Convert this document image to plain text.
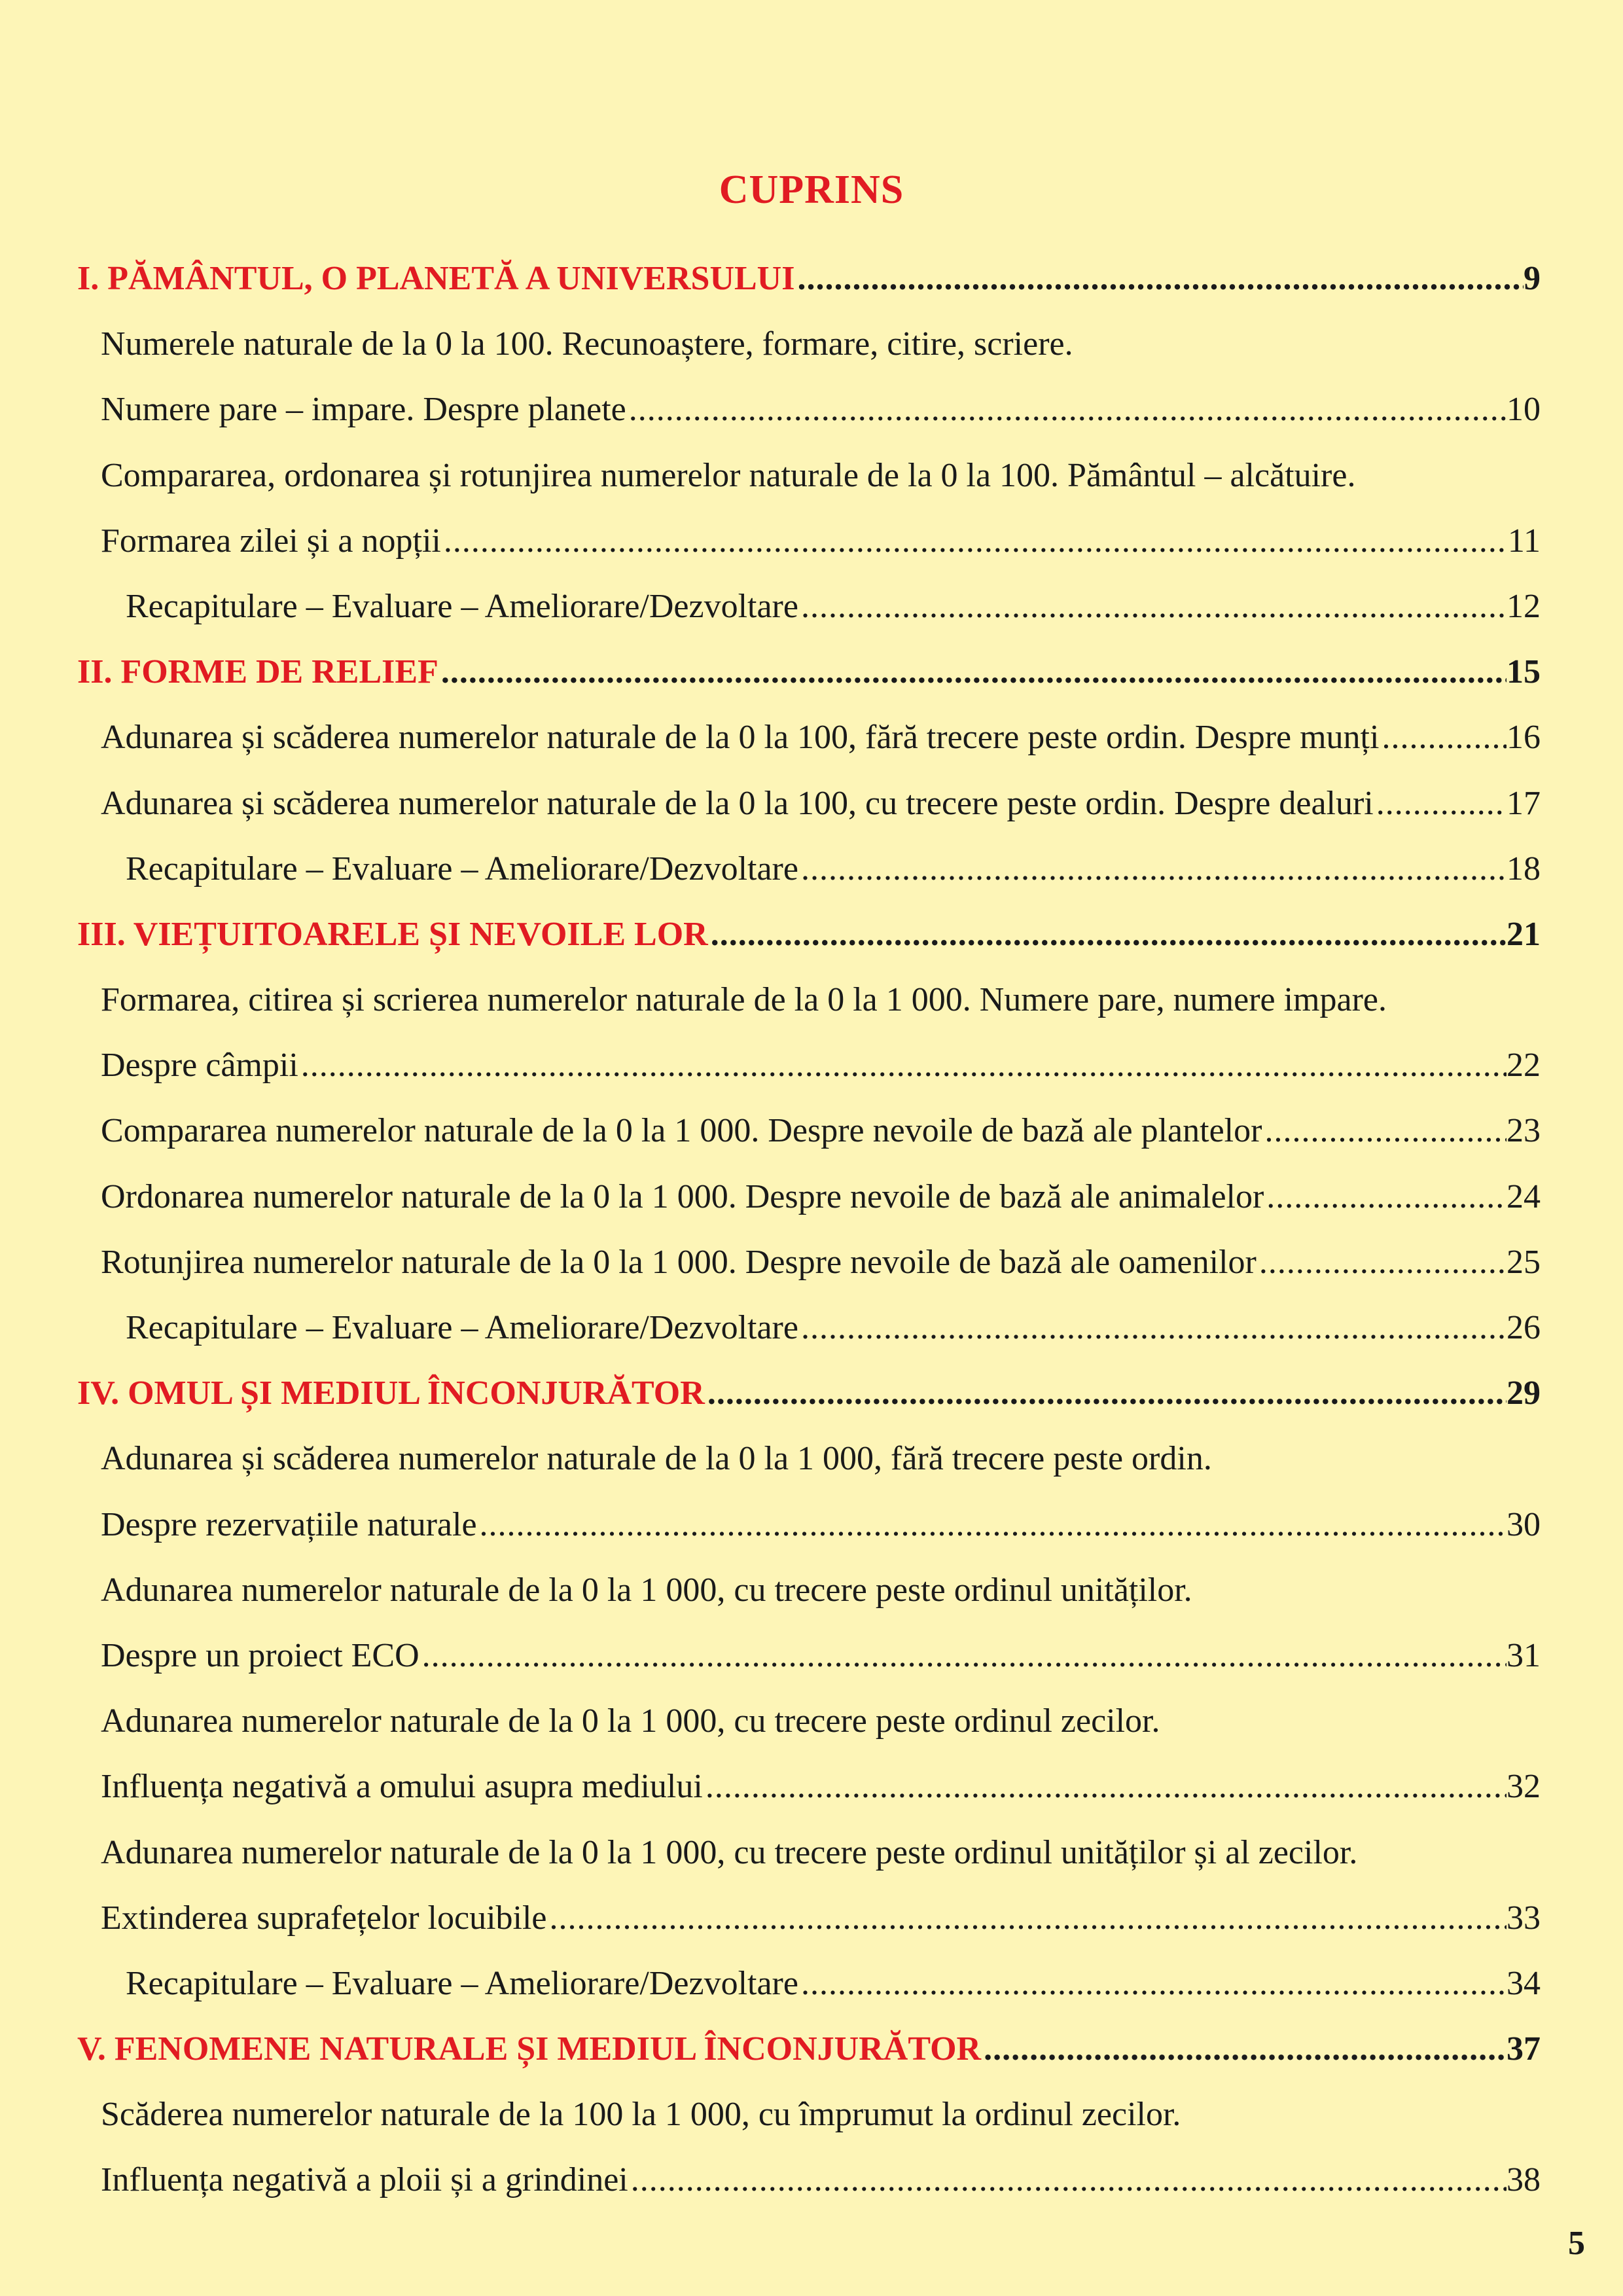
CUPRINS
I. PĂMÂNTUL, O PLANETĂ A UNIVERSULUI .....	9
Numerele naturale de la 0 la 100. Recunoaștere, formare, citire, scriere.
Numere pare – impare. Despre planete .....	10
Compararea, ordonarea și rotunjirea numerelor naturale de la 0 la 100. Pământul – alcătuire.
Formarea zilei și a nopții .....	11
Recapitulare – Evaluare – Ameliorare/Dezvoltare .....	12
II. FORME DE RELIEF .....	15
Adunarea și scăderea numerelor naturale de la 0 la 100, fără trecere peste ordin. Despre munți .....	16
Adunarea și scăderea numerelor naturale de la 0 la 100, cu trecere peste ordin. Despre dealuri .....	17
Recapitulare – Evaluare – Ameliorare/Dezvoltare .....	18
III. VIEȚUITOARELE ȘI NEVOILE LOR .....	21
Formarea, citirea și scrierea numerelor naturale de la 0 la 1 000. Numere pare, numere impare.
Despre câmpii .....	22
Compararea numerelor naturale de la 0 la 1 000. Despre nevoile de bază ale plantelor .....	23
Ordonarea numerelor naturale de la 0 la 1 000. Despre nevoile de bază ale animalelor .....	24
Rotunjirea numerelor naturale de la 0 la 1 000. Despre nevoile de bază ale oamenilor .....	25
Recapitulare – Evaluare – Ameliorare/Dezvoltare .....	26
IV. OMUL ȘI MEDIUL ÎNCONJURĂTOR .....	29
Adunarea și scăderea numerelor naturale de la 0 la 1 000, fără trecere peste ordin.
Despre rezervațiile naturale .....	30
Adunarea numerelor naturale de la 0 la 1 000, cu trecere peste ordinul unităților.
Despre un proiect ECO .....	31
Adunarea numerelor naturale de la 0 la 1 000, cu trecere peste ordinul zecilor.
Influența negativă a omului asupra mediului .....	32
Adunarea numerelor naturale de la 0 la 1 000, cu trecere peste ordinul unităților și al zecilor.
Extinderea suprafețelor locuibile .....	33
Recapitulare – Evaluare – Ameliorare/Dezvoltare .....	34
V. FENOMENE NATURALE ȘI MEDIUL ÎNCONJURĂTOR .....	37
Scăderea numerelor naturale de la 100 la 1 000, cu împrumut la ordinul zecilor.
Influența negativă a ploii și a grindinei .....	38
5
